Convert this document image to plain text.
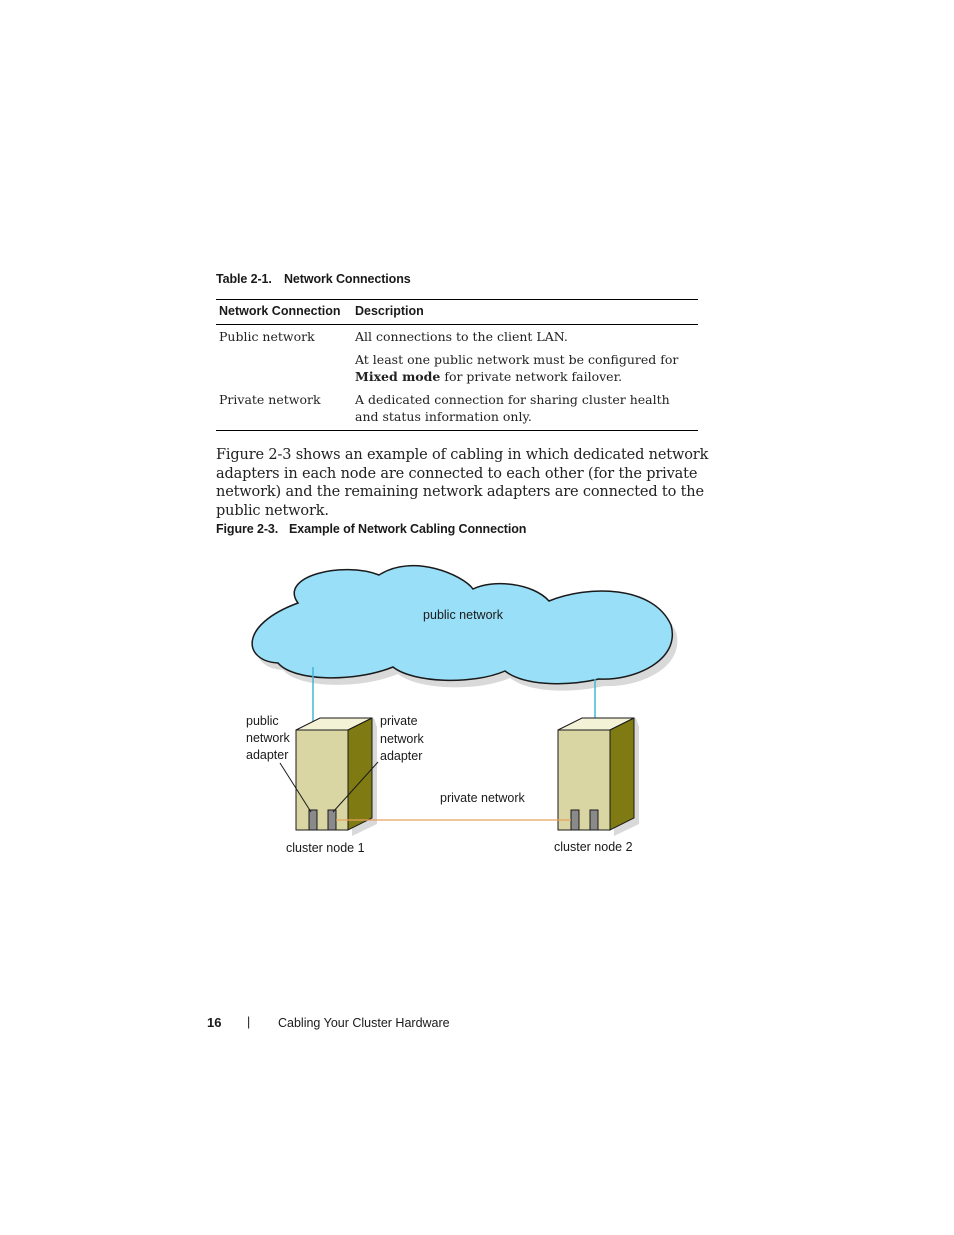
Table 2-1. Network Connections
Network Connection	Description
Public network	All connections to the client LAN.

At least one public network must be configured for Mixed mode for private network failover.

Private network	A dedicated connection for sharing cluster health and status information only.

Figure 2-3 shows an example of cabling in which dedicated network adapters in each node are connected to each other (for the private network) and the remaining network adapters are connected to the public network.

Figure 2-3. Example of Network Cabling Connection
public network
public network adapter
private network adapter
private network
cluster node 1	cluster node 2
16 | Cabling Your Cluster Hardware
